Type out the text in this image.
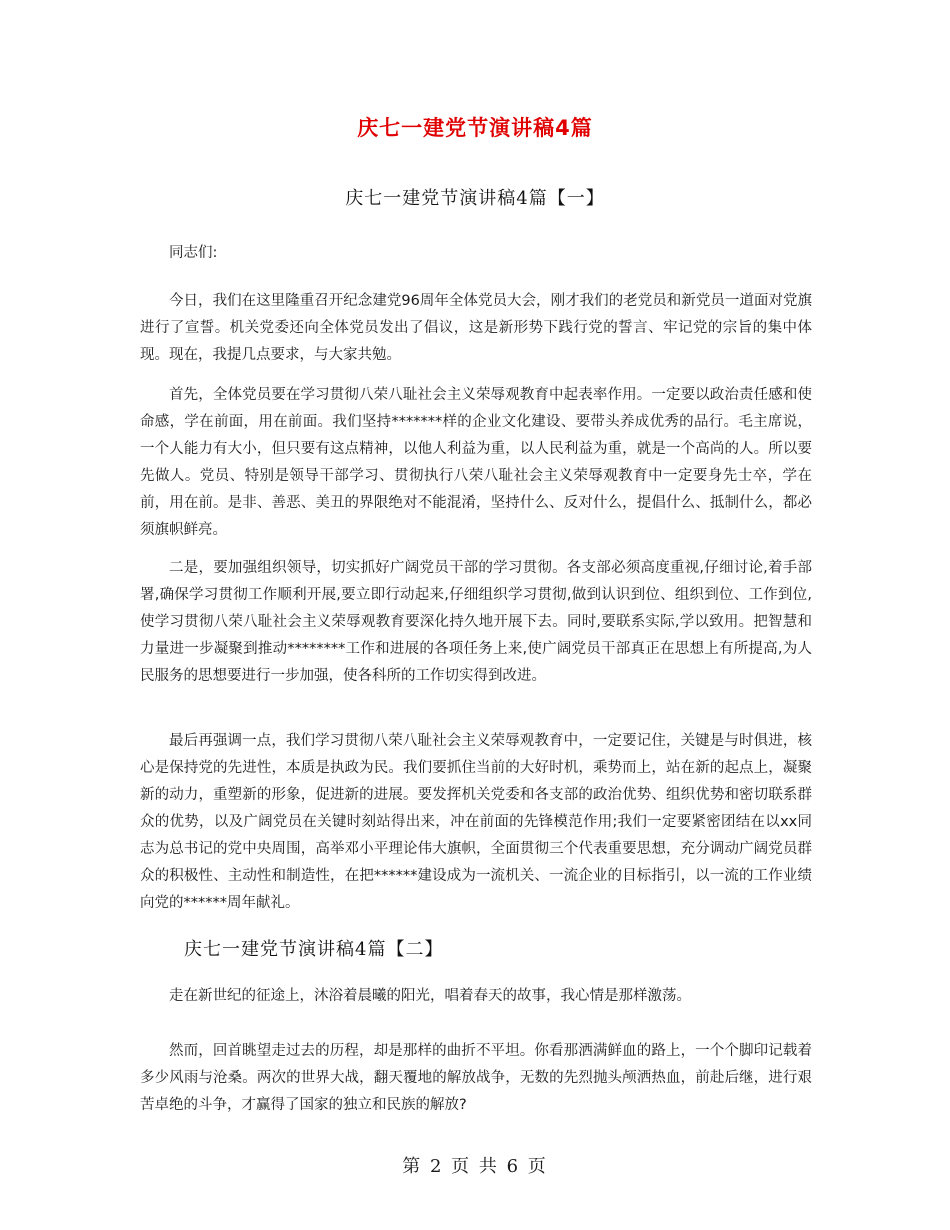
庆七一建党节演讲稿4篇
庆七一建党节演讲稿4篇【一】

同志们:

今日，我们在这里隆重召开纪念建党96周年全体党员大会，刚才我们的老党员和新党员一道面对党旗进行了宣誓。机关党委还向全体党员发出了倡议，这是新形势下践行党的誓言、牢记党的宗旨的集中体现。现在，我提几点要求，与大家共勉。

首先，全体党员要在学习贯彻八荣八耻社会主义荣辱观教育中起表率作用。一定要以政治责任感和使命感，学在前面，用在前面。我们坚持*******样的企业文化建设、要带头养成优秀的品行。毛主席说，一个人能力有大小，但只要有这点精神，以他人利益为重，以人民利益为重，就是一个高尚的人。所以要先做人。党员、特别是领导干部学习、贯彻执行八荣八耻社会主义荣辱观教育中一定要身先士卒，学在前，用在前。是非、善恶、美丑的界限绝对不能混淆，坚持什么、反对什么，提倡什么、抵制什么，都必须旗帜鲜亮。

二是，要加强组织领导，切实抓好广阔党员干部的学习贯彻。各支部必须高度重视,仔细讨论,着手部署,确保学习贯彻工作顺利开展,要立即行动起来,仔细组织学习贯彻,做到认识到位、组织到位、工作到位,使学习贯彻八荣八耻社会主义荣辱观教育要深化持久地开展下去。同时,要联系实际,学以致用。把智慧和力量进一步凝聚到推动********工作和进展的各项任务上来,使广阔党员干部真正在思想上有所提高,为人民服务的思想要进行一步加强，使各科所的工作切实得到改进。

最后再强调一点，我们学习贯彻八荣八耻社会主义荣辱观教育中，一定要记住，关键是与时俱进，核心是保持党的先进性，本质是执政为民。我们要抓住当前的大好时机，乘势而上，站在新的起点上，凝聚新的动力，重塑新的形象，促进新的进展。要发挥机关党委和各支部的政治优势、组织优势和密切联系群众的优势，以及广阔党员在关键时刻站得出来，冲在前面的先锋模范作用;我们一定要紧密团结在以xx同志为总书记的党中央周围，高举邓小平理论伟大旗帜，全面贯彻三个代表重要思想，充分调动广阔党员群众的积极性、主动性和制造性，在把******建设成为一流机关、一流企业的目标指引，以一流的工作业绩向党的******周年献礼。

庆七一建党节演讲稿4篇【二】

走在新世纪的征途上，沐浴着晨曦的阳光，唱着春天的故事，我心情是那样激荡。

然而，回首眺望走过去的历程，却是那样的曲折不平坦。你看那洒满鲜血的路上，一个个脚印记载着多少风雨与沧桑。两次的世界大战，翻天覆地的解放战争，无数的先烈抛头颅洒热血，前赴后继，进行艰苦卓绝的斗争，才赢得了国家的独立和民族的解放?

第 2 页 共 6 页
